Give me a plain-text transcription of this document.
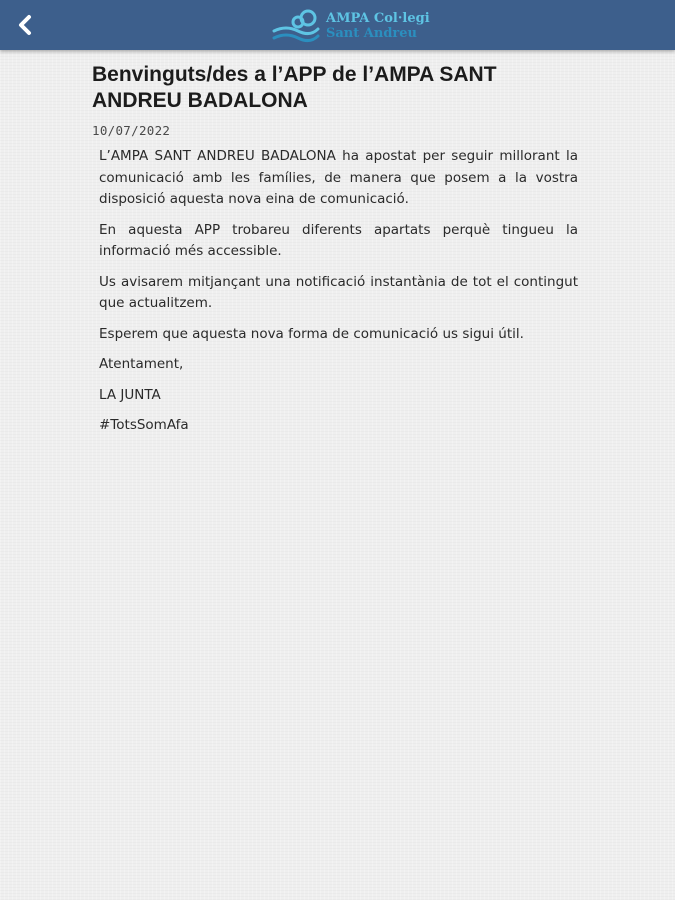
AMPA Col·legi
Sant Andreu
Benvinguts/des a l’APP de l’AMPA SANT ANDREU BADALONA
10/07/2022

L’AMPA SANT ANDREU BADALONA ha apostat per seguir millorant la comunicació amb les famílies, de manera que posem a la vostra disposició aquesta nova eina de comunicació.

En aquesta APP trobareu diferents apartats perquè tingueu la informació més accessible.

Us avisarem mitjançant una notificació instantània de tot el contingut que actualitzem.

Esperem que aquesta nova forma de comunicació us sigui útil.

Atentament,

LA JUNTA

#TotsSomAfa
